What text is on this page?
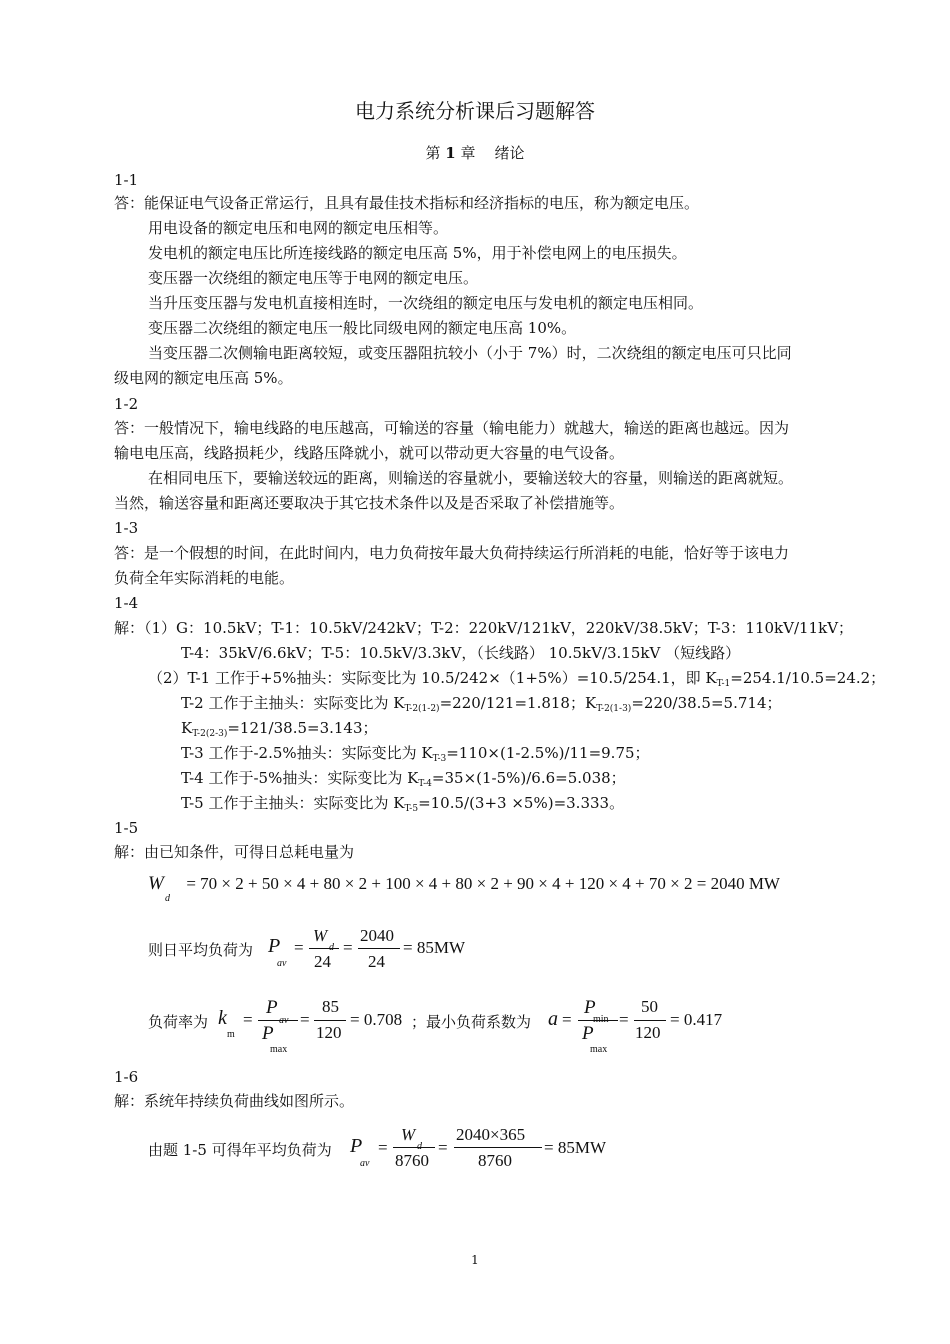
电力系统分析课后习题解答
第 1 章 绪论
1-1
答：能保证电气设备正常运行，且具有最佳技术指标和经济指标的电压，称为额定电压。
用电设备的额定电压和电网的额定电压相等。
发电机的额定电压比所连接线路的额定电压高 5%，用于补偿电网上的电压损失。
变压器一次绕组的额定电压等于电网的额定电压。
当升压变压器与发电机直接相连时，一次绕组的额定电压与发电机的额定电压相同。
变压器二次绕组的额定电压一般比同级电网的额定电压高 10%。
当变压器二次侧输电距离较短，或变压器阻抗较小（小于 7%）时，二次绕组的额定电压可只比同
级电网的额定电压高 5%。
1-2
答：一般情况下，输电线路的电压越高，可输送的容量（输电能力）就越大，输送的距离也越远。因为
输电电压高，线路损耗少，线路压降就小，就可以带动更大容量的电气设备。
在相同电压下，要输送较远的距离，则输送的容量就小，要输送较大的容量，则输送的距离就短。
当然，输送容量和距离还要取决于其它技术条件以及是否采取了补偿措施等。
1-3
答：是一个假想的时间，在此时间内，电力负荷按年最大负荷持续运行所消耗的电能，恰好等于该电力
负荷全年实际消耗的电能。
1-4
解：（1）G：10.5kV；T-1：10.5kV/242kV；T-2：220kV/121kV，220kV/38.5kV；T-3：110kV/11kV；
T-4：35kV/6.6kV；T-5：10.5kV/3.3kV，（长线路） 10.5kV/3.15kV （短线路）
（2）T-1 工作于+5%抽头：实际变比为 10.5/242×（1+5%）=10.5/254.1，即 $K_{T-1}=254.1/10.5=24.2$；
T-2 工作于主抽头：实际变比为 $K_{T-2(1-2)}=220/121=1.818$；$K_{T-2(1-3)}=220/38.5=5.714$；
$K_{T-2(2-3)}=121/38.5=3.143$；
T-3 工作于-2.5%抽头：实际变比为 $K_{T-3}=110\times(1-2.5\%)/11=9.75$；
T-4 工作于-5%抽头：实际变比为 $K_{T-4}=35\times(1-5\%)/6.6=5.038$；
T-5 工作于主抽头：实际变比为 $K_{T-5}=10.5/(3+3 \times 5\%)=3.333$。
1-5
解：由已知条件，可得日总耗电量为
W = 70 × 2 + 50 × 4 + 80 × 2 + 100 × 4 + 80 × 2 + 90 × 4 + 120 × 4 + 70 × 2 = 2040 MW
d
则日平均负荷为 P
av
=
W
24
=
2040
24
= 85MW
负荷率为 k
m
=
P
P
max
=
85
120
= 0.708 ；最小负荷系数为 a =
P
P
max
=
50
120
= 0.417
1-6
解：系统年持续负荷曲线如图所示。
由题 1-5 可得年平均负荷为 P
av
=
W
8760
=
2040×365
8760
= 85MW
1
